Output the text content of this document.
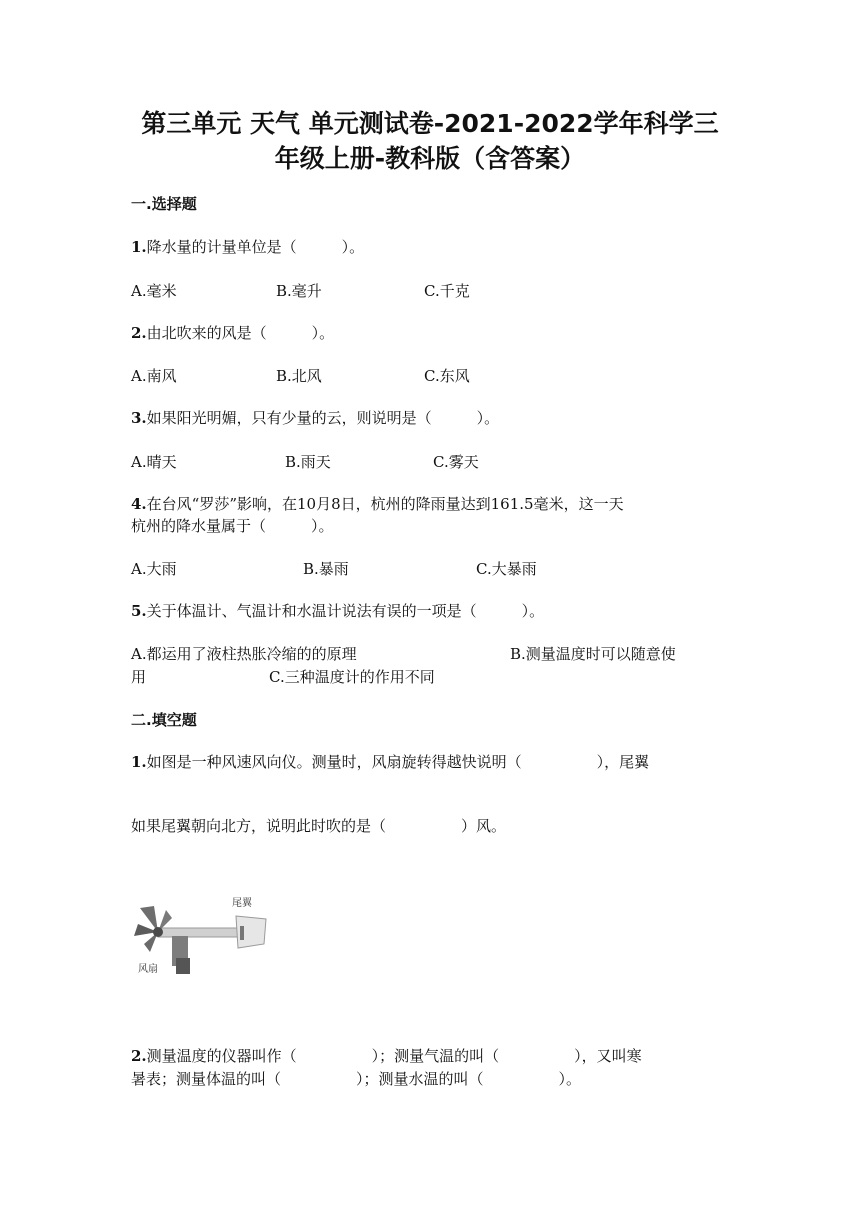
第三单元 天气 单元测试卷-2021-2022学年科学三
年级上册-教科版（含答案）
一.选择题
1.降水量的计量单位是（　　　）。
A.毫米	B.毫升	C.千克
2.由北吹来的风是（　　　）。
A.南风	B.北风	C.东风
3.如果阳光明媚，只有少量的云，则说明是（　　　）。
A.晴天	B.雨天	C.雾天
4.在台风“罗莎”影响，在10月8日，杭州的降雨量达到161.5毫米，这一天
杭州的降水量属于（　　　）。
A.大雨	B.暴雨	C.大暴雨
5.关于体温计、气温计和水温计说法有误的一项是（　　　）。
A.都运用了液柱热胀冷缩的的原理	B.测量温度时可以随意使
用	C.三种温度计的作用不同
二.填空题
1.如图是一种风速风向仪。测量时，风扇旋转得越快说明（　　　　　），尾翼
如果尾翼朝向北方，说明此时吹的是（　　　　　）风。
尾翼
风扇
2.测量温度的仪器叫作（　　　　　）；测量气温的叫（　　　　　），又叫寒
暑表；测量体温的叫（　　　　　）；测量水温的叫（　　　　　）。
